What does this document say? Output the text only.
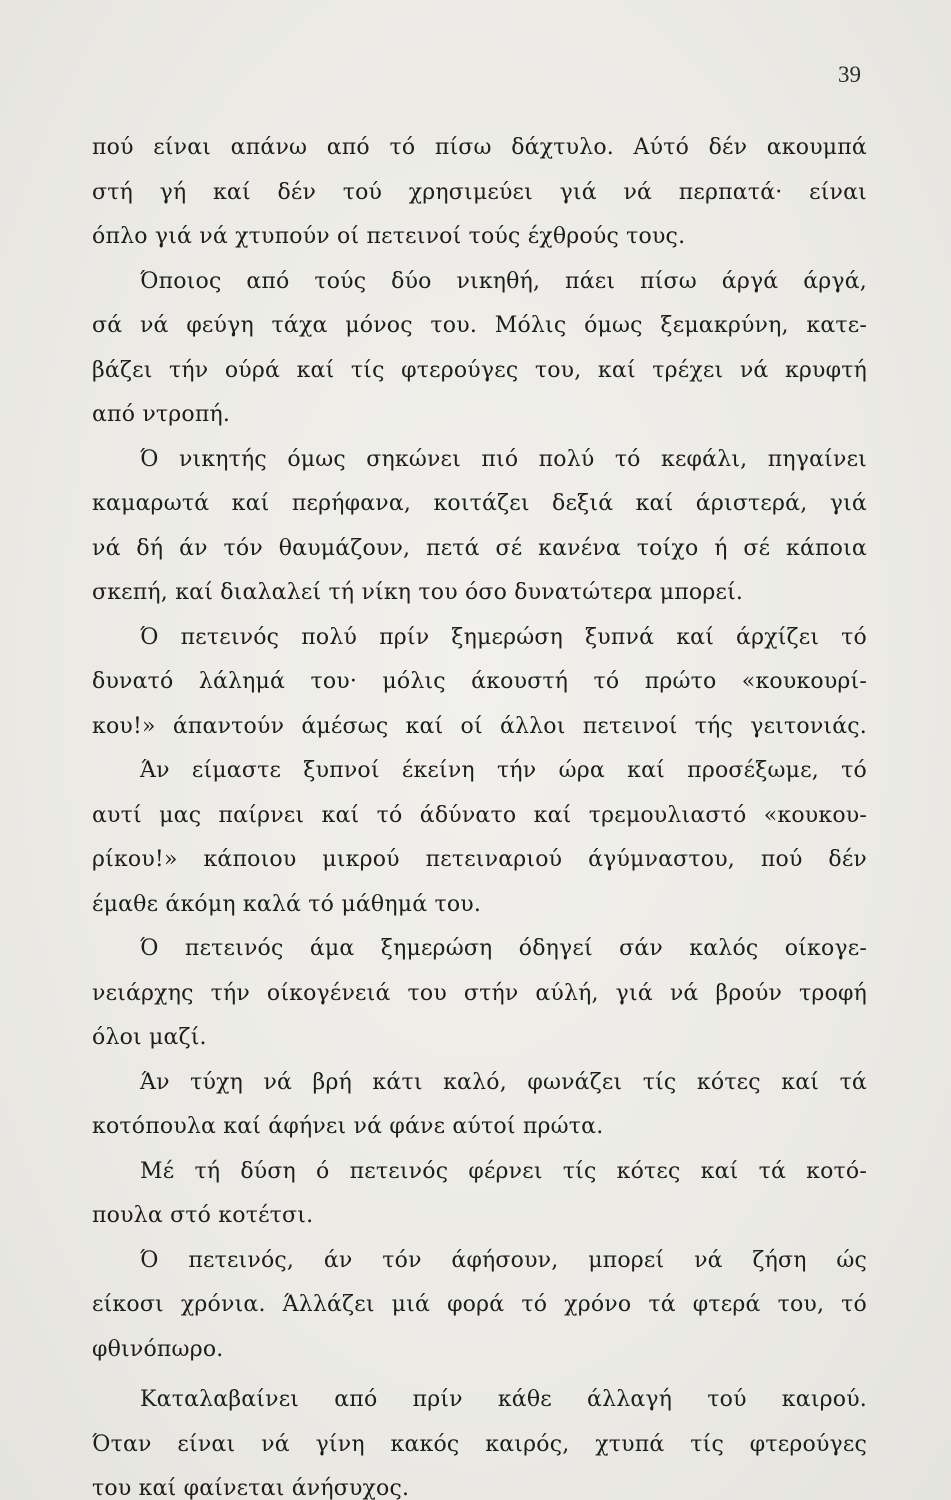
39
πού είναι απάνω από τό πίσω δάχτυλο. Αύτό δέν ακουμπά
στή γή καί δέν τού χρησιμεύει γιά νά περπατά· είναι
όπλο γιά νά χτυπούν οί πετεινοί τούς έχθρούς τους.
Όποιος από τούς δύο νικηθή, πάει πίσω άργά άργά,
σά νά φεύγη τάχα μόνος του. Μόλις όμως ξεμακρύνη, κατε-
βάζει τήν ούρά καί τίς φτερούγες του, καί τρέχει νά κρυφτή
από ντροπή.
Ό νικητής όμως σηκώνει πιό πολύ τό κεφάλι, πηγαίνει
καμαρωτά καί περήφανα, κοιτάζει δεξιά καί άριστερά, γιά
νά δή άν τόν θαυμάζουν, πετά σέ κανένα τοίχο ή σέ κάποια
σκεπή, καί διαλαλεί τή νίκη του όσο δυνατώτερα μπορεί.
Ό πετεινός πολύ πρίν ξημερώση ξυπνά καί άρχίζει τό
δυνατό λάλημά του· μόλις άκουστή τό πρώτο «κουκουρί-
κου!» άπαντούν άμέσως καί οί άλλοι πετεινοί τής γειτονιάς.
Άν είμαστε ξυπνοί έκείνη τήν ώρα καί προσέξωμε, τό
αυτί μας παίρνει καί τό άδύνατο καί τρεμουλιαστό «κουκου-
ρίκου!» κάποιου μικρού πετειναριού άγύμναστου, πού δέν
έμαθε άκόμη καλά τό μάθημά του.
Ό πετεινός άμα ξημερώση όδηγεί σάν καλός οίκογε-
νειάρχης τήν οίκογένειά του στήν αύλή, γιά νά βρούν τροφή
όλοι μαζί.
Άν τύχη νά βρή κάτι καλό, φωνάζει τίς κότες καί τά
κοτόπουλα καί άφήνει νά φάνε αύτοί πρώτα.
Μέ τή δύση ό πετεινός φέρνει τίς κότες καί τά κοτό-
πουλα στό κοτέτσι.
Ό πετεινός, άν τόν άφήσουν, μπορεί νά ζήση ώς
είκοσι χρόνια. Άλλάζει μιά φορά τό χρόνο τά φτερά του, τό
φθινόπωρο.
Καταλαβαίνει από πρίν κάθε άλλαγή τού καιρού.
Όταν είναι νά γίνη κακός καιρός, χτυπά τίς φτερούγες
του καί φαίνεται άνήσυχος.
